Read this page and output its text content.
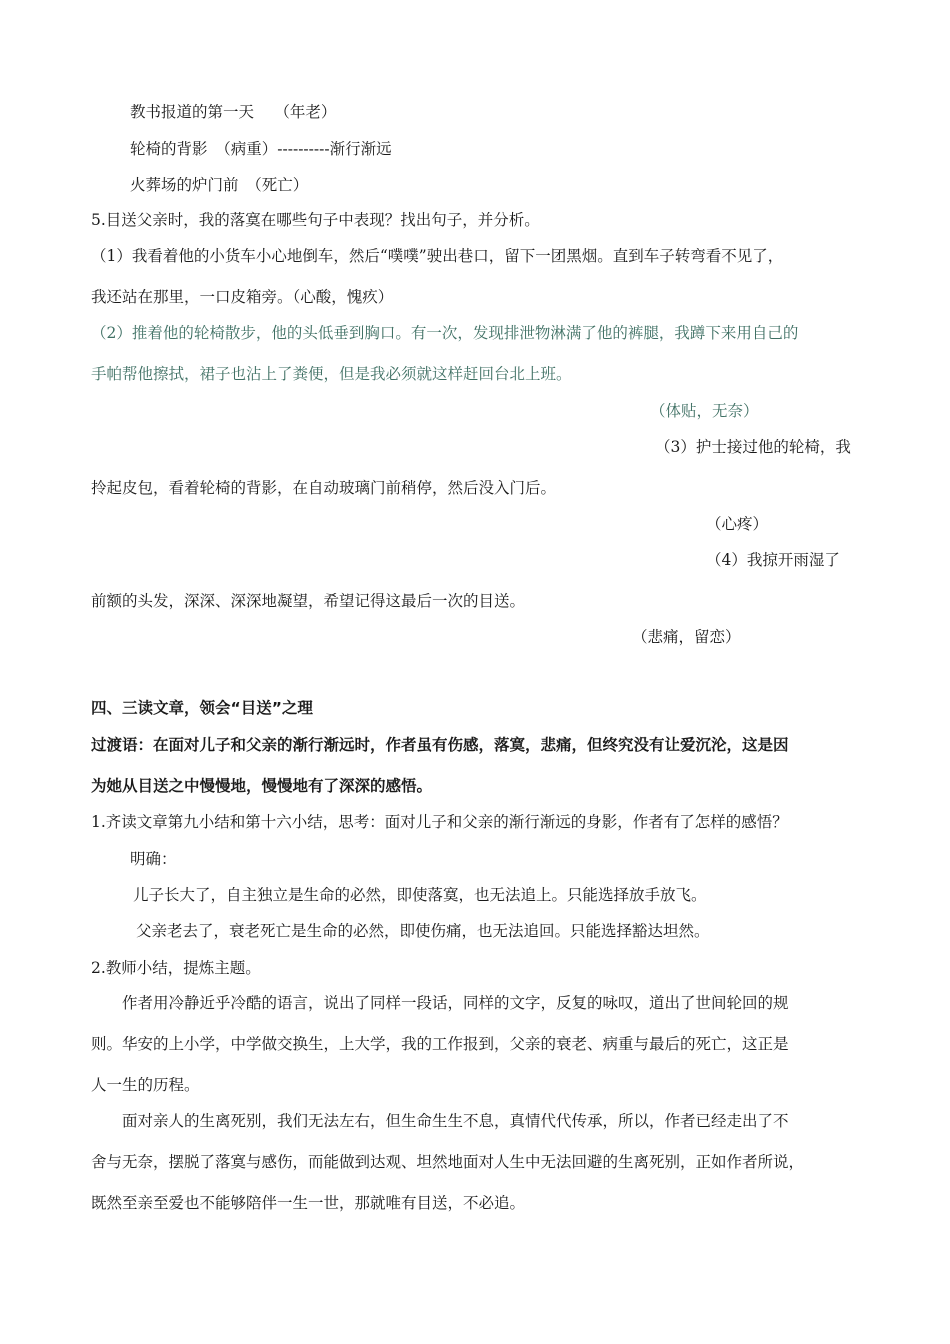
教书报道的第一天　 （年老）
轮椅的背影　（病重）----------渐行渐远
火葬场的炉门前　（死亡）
5.目送父亲时，我的落寞在哪些句子中表现？找出句子，并分析。
（1）我看着他的小货车小心地倒车，然后“噗噗”驶出巷口，留下一团黑烟。直到车子转弯看不见了，
我还站在那里，一口皮箱旁。（心酸，愧疚）
（2）推着他的轮椅散步，他的头低垂到胸口。有一次，发现排泄物淋满了他的裤腿，我蹲下来用自己的
手帕帮他擦拭，裙子也沾上了粪便，但是我必须就这样赶回台北上班。
（体贴，无奈）
（3）护士接过他的轮椅，我
拎起皮包，看着轮椅的背影，在自动玻璃门前稍停，然后没入门后。
（心疼）
（4）我掠开雨湿了
前额的头发，深深、深深地凝望，希望记得这最后一次的目送。
（悲痛，留恋）
四、三读文章，领会“目送”之理
过渡语：在面对儿子和父亲的渐行渐远时，作者虽有伤感，落寞，悲痛，但终究没有让爱沉沦，这是因
为她从目送之中慢慢地，慢慢地有了深深的感悟。
1.齐读文章第九小结和第十六小结，思考：面对儿子和父亲的渐行渐远的身影，作者有了怎样的感悟？
明确：
儿子长大了，自主独立是生命的必然，即使落寞，也无法追上。只能选择放手放飞。
父亲老去了，衰老死亡是生命的必然，即使伤痛，也无法追回。只能选择豁达坦然。
2.教师小结，提炼主题。
作者用冷静近乎冷酷的语言，说出了同样一段话，同样的文字，反复的咏叹，道出了世间轮回的规
则。华安的上小学，中学做交换生，上大学，我的工作报到，父亲的衰老、病重与最后的死亡，这正是
人一生的历程。
面对亲人的生离死别，我们无法左右，但生命生生不息，真情代代传承，所以，作者已经走出了不
舍与无奈，摆脱了落寞与感伤，而能做到达观、坦然地面对人生中无法回避的生离死别，正如作者所说，
既然至亲至爱也不能够陪伴一生一世，那就唯有目送，不必追。
